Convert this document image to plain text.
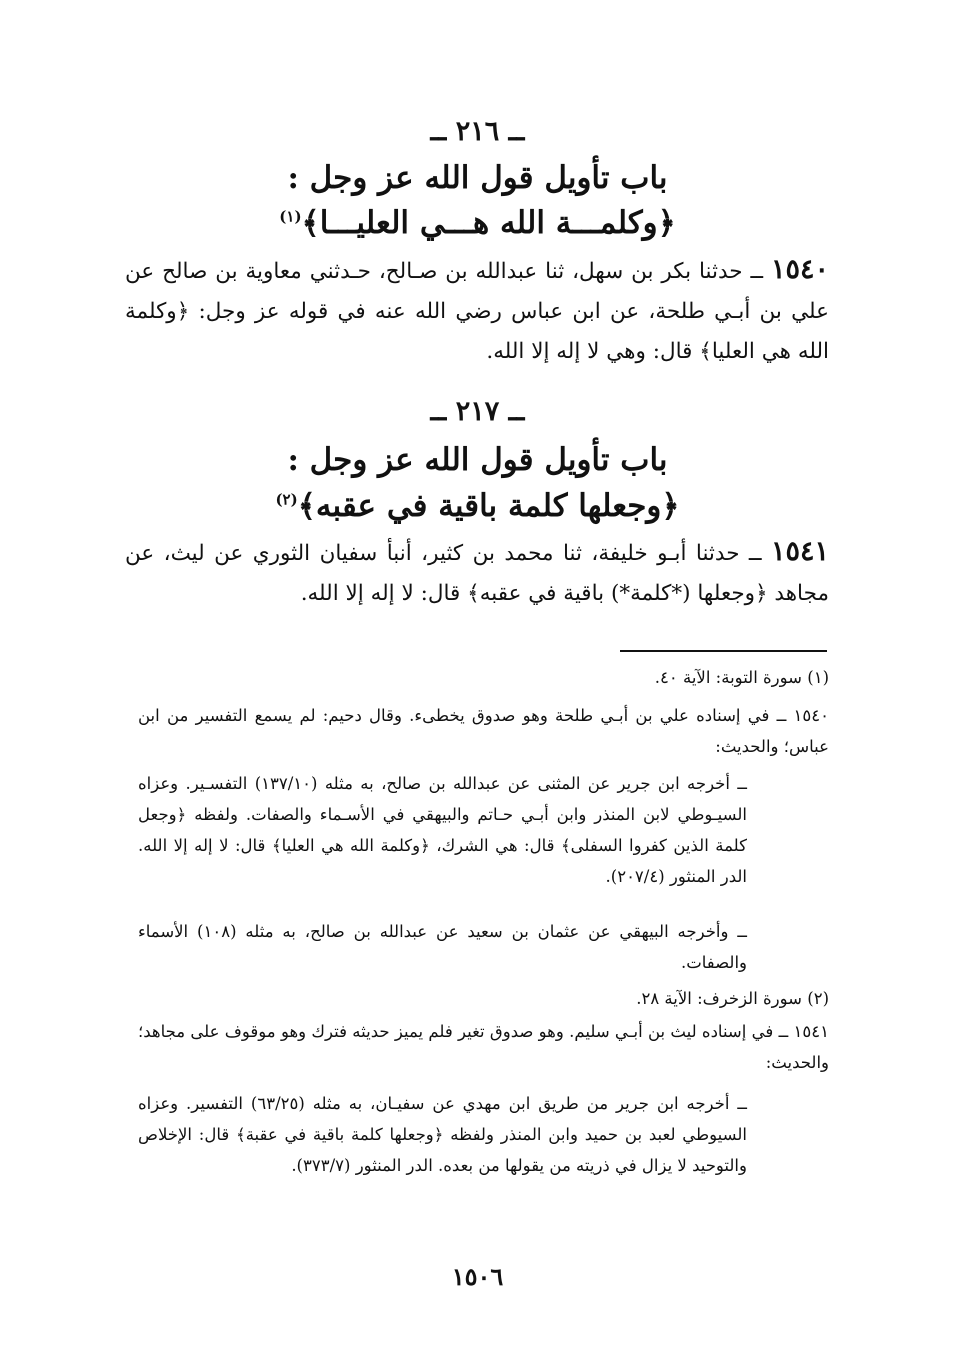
ــ ٢١٦ ــ
باب تأويل قول الله عز وجل :
﴿وكلمـــة الله هـــي العليـــا﴾$^{(١)}$
١٥٤٠ ــ حدثنا بكر بن سهل، ثنا عبدالله بن صـالح، حـدثني معاوية بن صالح عن علي بن أبـي طلحة، عن ابن عباس رضي الله عنه في قوله عز وجل: ﴿وكلمة الله هي العليا﴾ قال: وهي لا إله إلا الله.
ــ ٢١٧ ــ
باب تأويل قول الله عز وجل :
﴿وجعلها كلمة باقية في عقبه﴾$^{(٢)}$
١٥٤١ ــ حدثنا أبـو خليفة، ثنا محمد بن كثير، أنبأ سفيان الثوري عن ليث، عن مجاهد ﴿وجعلها (*كلمة*) باقية في عقبه﴾ قال: لا إله إلا الله.
(١) سورة التوبة: الآية ٤٠.
١٥٤٠ ــ في إسناده علي بن أبـي طلحة وهو صدوق يخطىء. وقال دحيم: لم يسمع التفسير من ابن عباس؛ والحديث:
ــ أخرجه ابن جرير عن المثنى عن عبدالله بن صالح، به مثله (١٣٧/١٠) التفسـير. وعزاه السيـوطي لابن المنذر وابن أبـي حـاتم والبيهقي في الأسـماء والصفات. ولفظه ﴿وجعل كلمة الذين كفروا السفلى﴾ قال: هي الشرك، ﴿وكلمة الله هي العليا﴾ قال: لا إله إلا الله. الدر المنثور (٢٠٧/٤).
ــ وأخرجه البيهقي عن عثمان بن سعيد عن عبدالله بن صالح، به مثله (١٠٨) الأسماء والصفات.
(٢) سورة الزخرف: الآية ٢٨.
١٥٤١ ــ في إسناده ليث بن أبـي سليم. وهو صدوق تغير فلم يميز حديثه فترك وهو موقوف على مجاهد؛ والحديث:
ــ أخرجه ابن جرير من طريق ابن مهدي عن سفيـان، به مثله (٦٣/٢٥) التفسير. وعزاه السيوطي لعبد بن حميد وابن المنذر ولفظه ﴿وجعلها كلمة باقية في عقبة﴾ قال: الإخلاص والتوحيد لا يزال في ذريته من يقولها من بعده. الدر المنثور (٣٧٣/٧).
١٥٠٦
